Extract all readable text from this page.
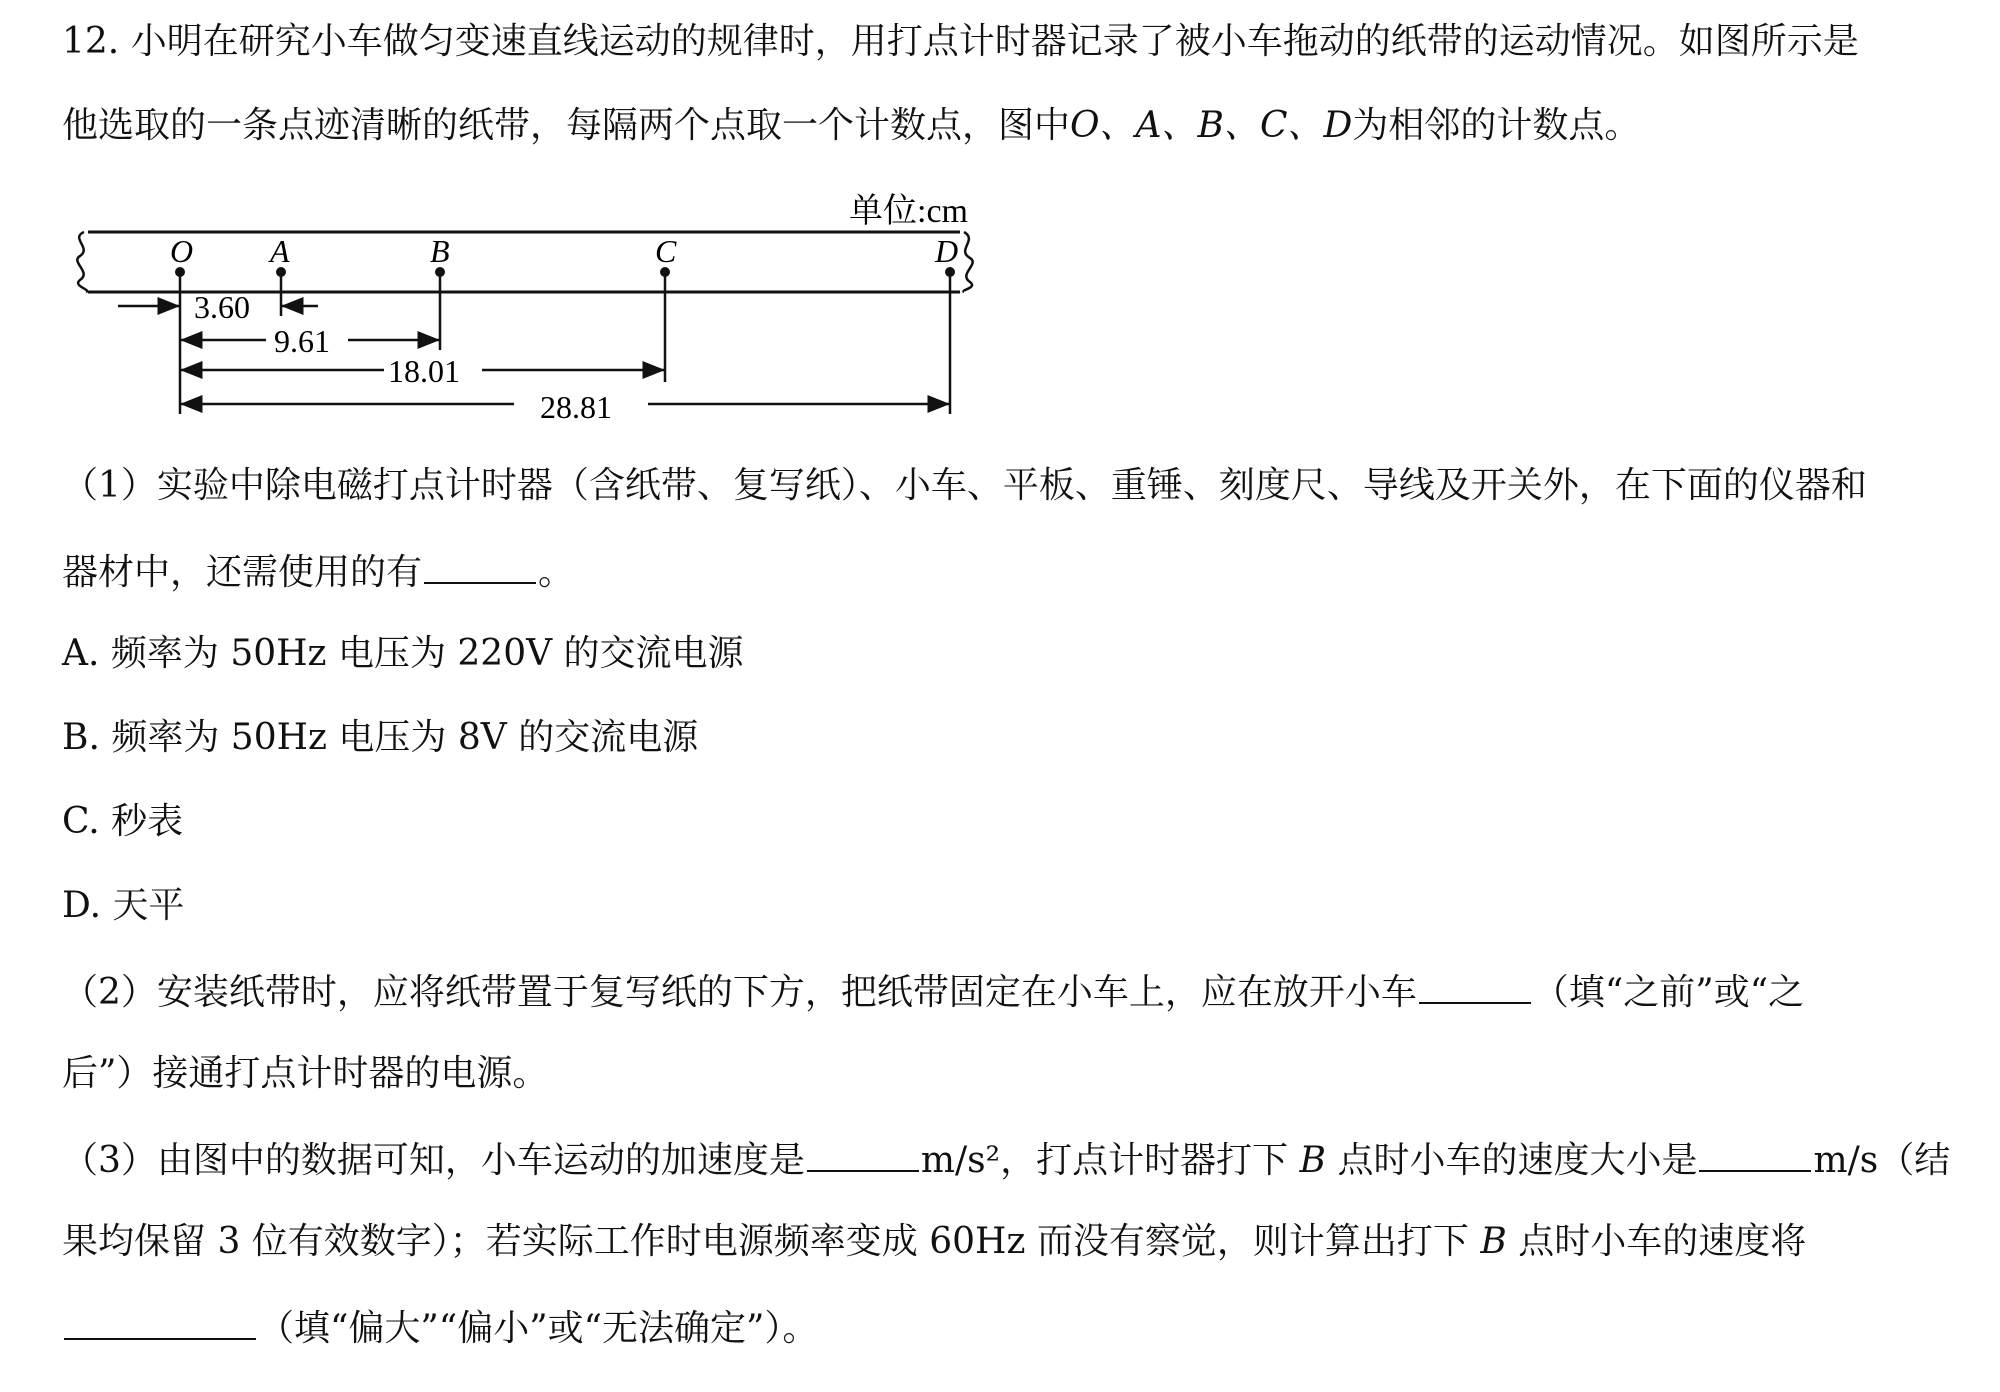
12. 小明在研究小车做匀变速直线运动的规律时，用打点计时器记录了被小车拖动的纸带的运动情况。如图所示是
他选取的一条点迹清晰的纸带，每隔两个点取一个计数点，图中O、A、B、C、D为相邻的计数点。
单位:cm
O A	B	C	D
3.60
9.61
18.01
28.81
（1）实验中除电磁打点计时器（含纸带、复写纸）、小车、平板、重锤、刻度尺、导线及开关外，在下面的仪器和
器材中，还需使用的有	。
A. 频率为 50Hz 电压为 220V 的交流电源
B. 频率为 50Hz 电压为 8V 的交流电源
C. 秒表
D. 天平
（2）安装纸带时，应将纸带置于复写纸的下方，把纸带固定在小车上，应在放开小车	（填“之前”或“之
后”）接通打点计时器的电源。
（3）由图中的数据可知，小车运动的加速度是	m/s²，打点计时器打下 B 点时小车的速度大小是	m/s（结
果均保留 3 位有效数字）；若实际工作时电源频率变成 60Hz 而没有察觉，则计算出打下 B 点时小车的速度将
（填“偏大”“偏小”或“无法确定”）。
